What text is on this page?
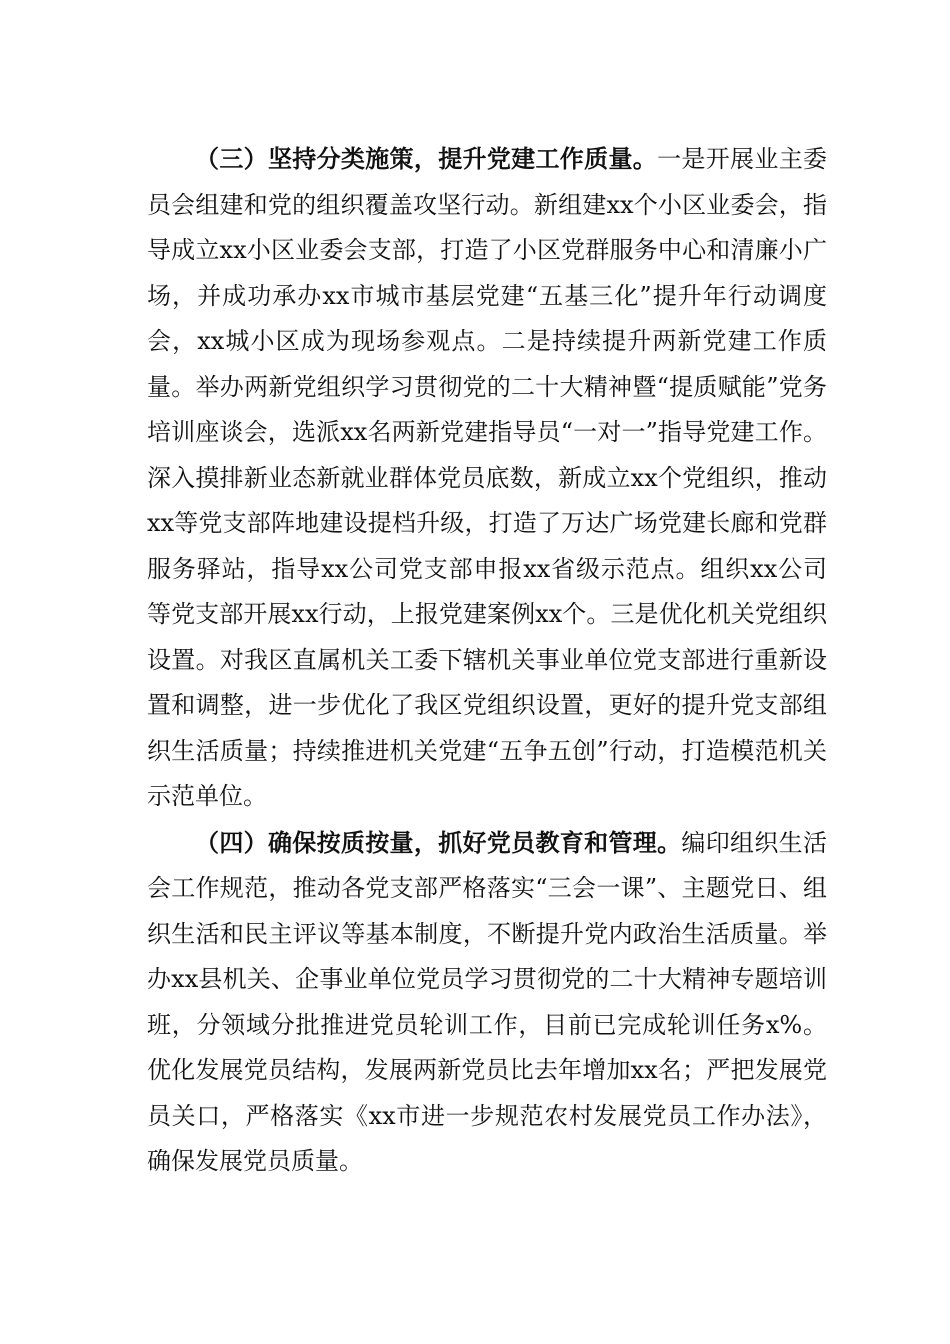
（三）坚持分类施策，提升党建工作质量。一是开展业主委员会组建和党的组织覆盖攻坚行动。新组建xx个小区业委会，指导成立xx小区业委会支部，打造了小区党群服务中心和清廉小广场，并成功承办xx市城市基层党建“五基三化”提升年行动调度会，xx城小区成为现场参观点。二是持续提升两新党建工作质量。举办两新党组织学习贯彻党的二十大精神暨“提质赋能”党务培训座谈会，选派xx名两新党建指导员“一对一”指导党建工作。深入摸排新业态新就业群体党员底数，新成立xx个党组织，推动xx等党支部阵地建设提档升级，打造了万达广场党建长廊和党群服务驿站，指导xx公司党支部申报xx省级示范点。组织xx公司等党支部开展xx行动，上报党建案例xx个。三是优化机关党组织设置。对我区直属机关工委下辖机关事业单位党支部进行重新设置和调整，进一步优化了我区党组织设置，更好的提升党支部组织生活质量；持续推进机关党建“五争五创”行动，打造模范机关示范单位。

（四）确保按质按量，抓好党员教育和管理。编印组织生活会工作规范，推动各党支部严格落实“三会一课”、主题党日、组织生活和民主评议等基本制度，不断提升党内政治生活质量。举办xx县机关、企事业单位党员学习贯彻党的二十大精神专题培训班，分领域分批推进党员轮训工作，目前已完成轮训任务x%。优化发展党员结构，发展两新党员比去年增加xx名；严把发展党员关口，严格落实《xx市进一步规范农村发展党员工作办法》，确保发展党员质量。
